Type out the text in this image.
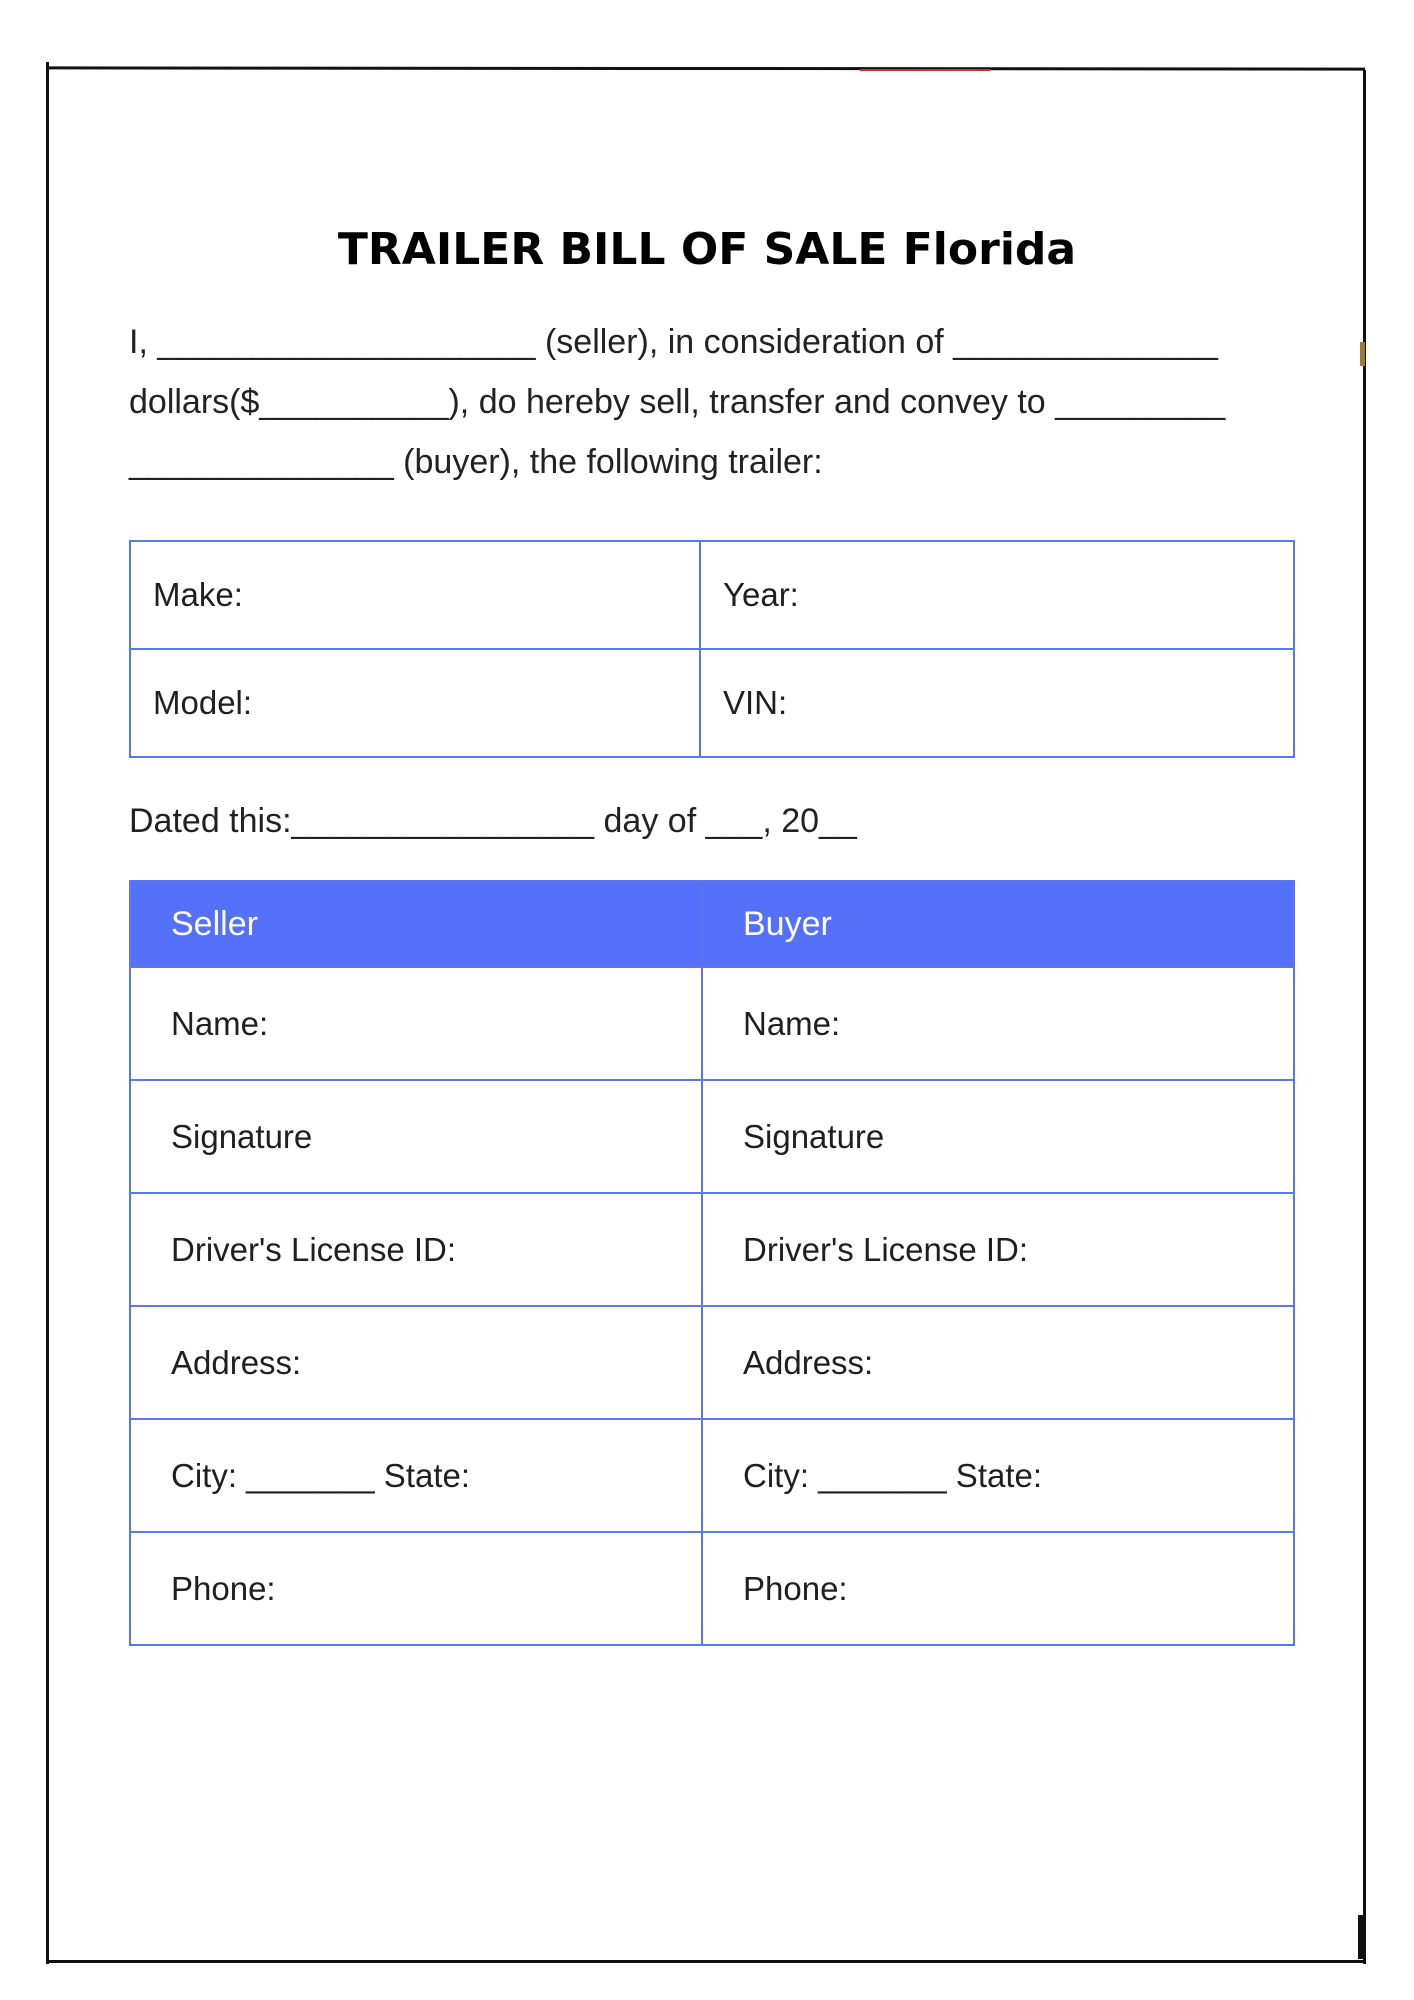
TRAILER BILL OF SALE Florida
I, ____________________ (seller), in consideration of ______________
dollars($__________), do hereby sell, transfer and convey to _________
______________ (buyer), the following trailer:
Make:	Year:
Model:	VIN:
Dated this:________________ day of ___, 20__
Seller	Buyer
Name:	Name:
Signature	Signature
Driver's License ID:	Driver's License ID:
Address:	Address:
City: _______ State:	City: _______ State:
Phone:	Phone:
